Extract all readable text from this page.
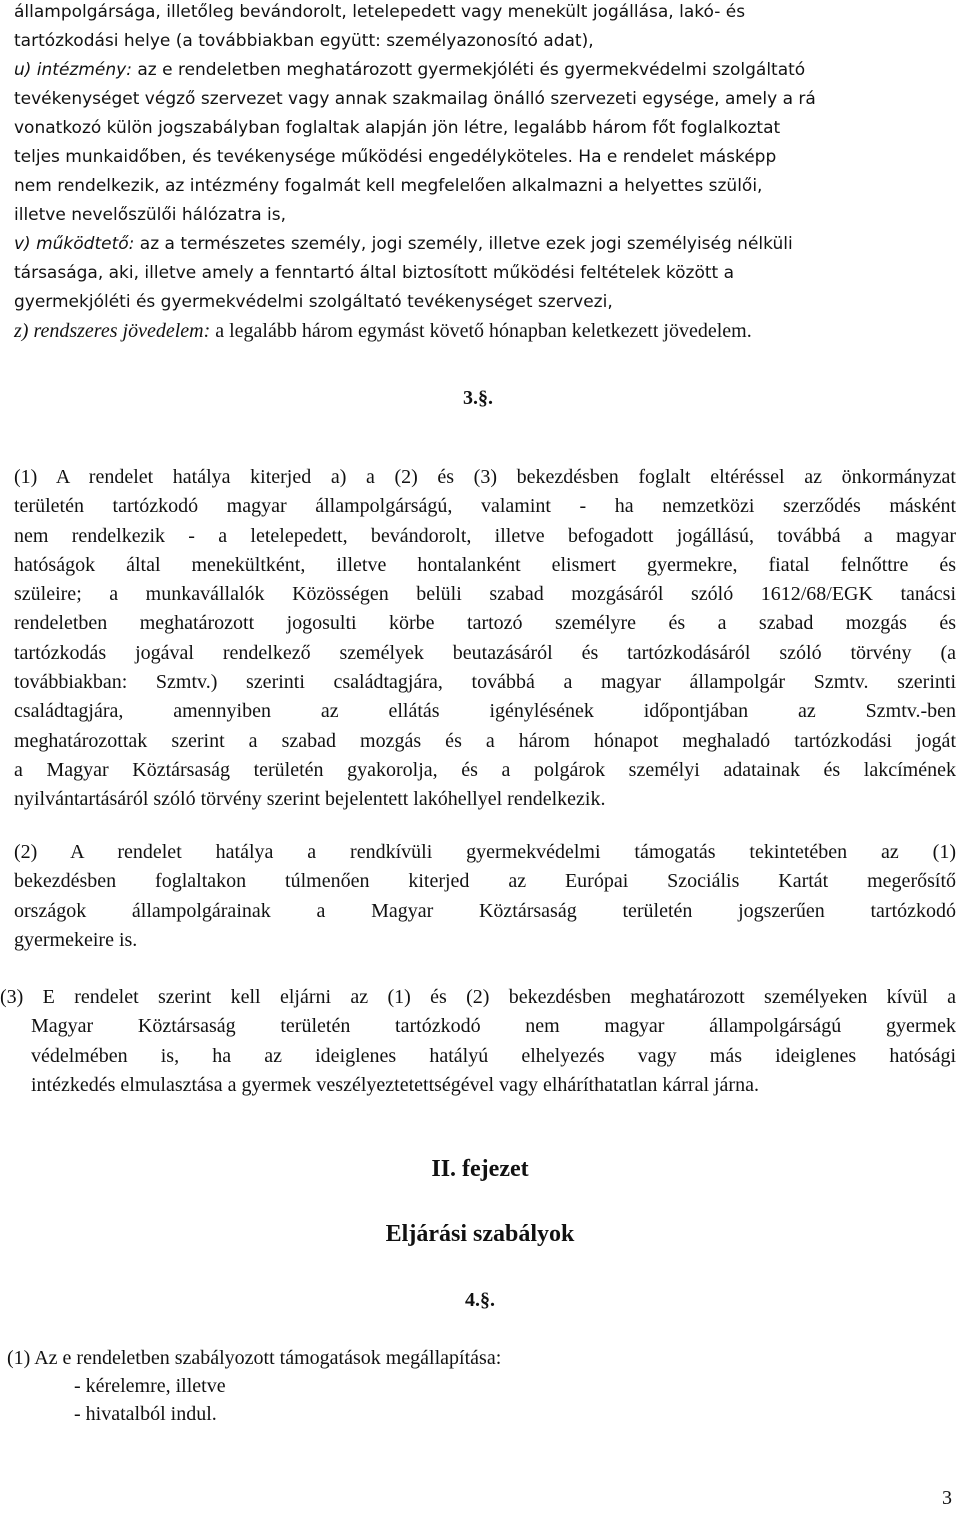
állampolgársága, illetőleg bevándorolt, letelepedett vagy menekült jogállása, lakó- és
tartózkodási helye (a továbbiakban együtt: személyazonosító adat),
u) intézmény: az e rendeletben meghatározott gyermekjóléti és gyermekvédelmi szolgáltató
tevékenységet végző szervezet vagy annak szakmailag önálló szervezeti egysége, amely a rá
vonatkozó külön jogszabályban foglaltak alapján jön létre, legalább három főt foglalkoztat
teljes munkaidőben, és tevékenysége működési engedélyköteles. Ha e rendelet másképp
nem rendelkezik, az intézmény fogalmát kell megfelelően alkalmazni a helyettes szülői,
illetve nevelőszülői hálózatra is,
v) működtető: az a természetes személy, jogi személy, illetve ezek jogi személyiség nélküli
társasága, aki, illetve amely a fenntartó által biztosított működési feltételek között a
gyermekjóléti és gyermekvédelmi szolgáltató tevékenységet szervezi,
z) rendszeres jövedelem: a legalább három egymást követő hónapban keletkezett jövedelem.
3.§.
(1) A rendelet hatálya kiterjed a) a (2) és (3) bekezdésben foglalt eltéréssel az önkormányzat
területén tartózkodó magyar állampolgárságú, valamint - ha nemzetközi szerződés másként
nem rendelkezik - a letelepedett, bevándorolt, illetve befogadott jogállású, továbbá a magyar
hatóságok által menekültként, illetve hontalanként elismert gyermekre, fiatal felnőttre és
szüleire; a munkavállalók Közösségen belüli szabad mozgásáról szóló 1612/68/EGK tanácsi
rendeletben meghatározott jogosulti körbe tartozó személyre és a szabad mozgás és
tartózkodás jogával rendelkező személyek beutazásáról és tartózkodásáról szóló törvény (a
továbbiakban: Szmtv.) szerinti családtagjára, továbbá a magyar állampolgár Szmtv. szerinti
családtagjára, amennyiben az ellátás igénylésének időpontjában az Szmtv.-ben
meghatározottak szerint a szabad mozgás és a három hónapot meghaladó tartózkodási jogát
a Magyar Köztársaság területén gyakorolja, és a polgárok személyi adatainak és lakcímének
nyilvántartásáról szóló törvény szerint bejelentett lakóhellyel rendelkezik.
(2) A rendelet hatálya a rendkívüli gyermekvédelmi támogatás tekintetében az (1)
bekezdésben foglaltakon túlmenően kiterjed az Európai Szociális Kartát megerősítő
országok állampolgárainak a Magyar Köztársaság területén jogszerűen tartózkodó
gyermekeire is.
(3) E rendelet szerint kell eljárni az (1) és (2) bekezdésben meghatározott személyeken kívül a
Magyar Köztársaság területén tartózkodó nem magyar állampolgárságú gyermek
védelmében is, ha az ideiglenes hatályú elhelyezés vagy más ideiglenes hatósági
intézkedés elmulasztása a gyermek veszélyeztetettségével vagy elháríthatatlan kárral járna.
II. fejezet
Eljárási szabályok
4.§.
(1) Az e rendeletben szabályozott támogatások megállapítása:
- kérelemre, illetve
- hivatalból indul.
3
